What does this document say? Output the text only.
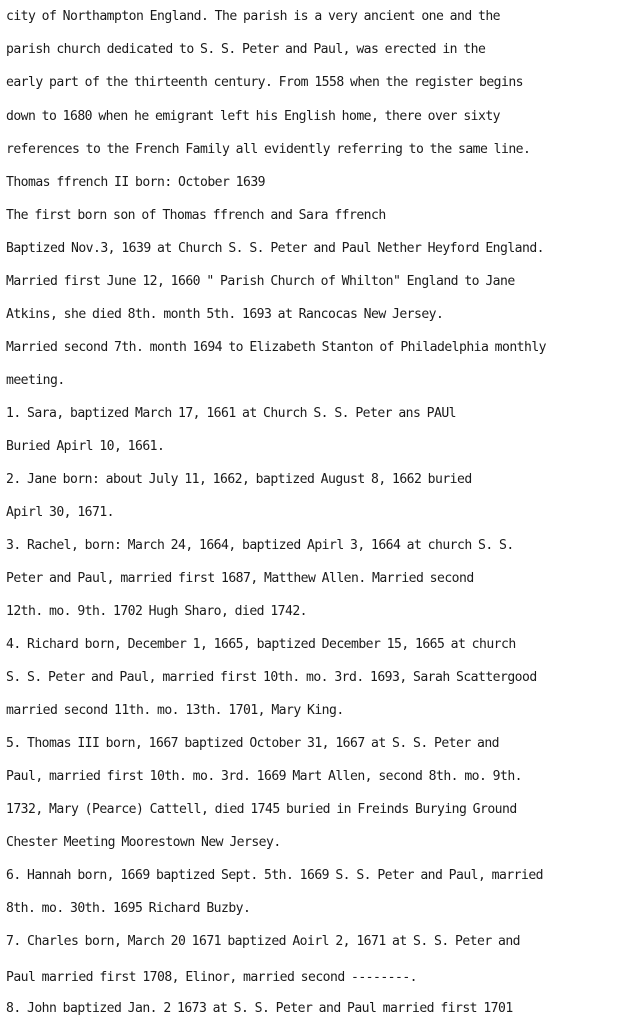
city of Northampton England. The parish is a very ancient one and the
parish church dedicated to S. S. Peter and Paul, was erected in the
early part of the thirteenth century. From 1558 when the register begins
down to 1680 when he emigrant left his English home, there over sixty
references to the French Family all evidently referring to the same line.
Thomas ffrench II born: October 1639
The first born son of Thomas ffrench and Sara ffrench
Baptized Nov.3, 1639 at Church S. S. Peter and Paul Nether Heyford England.
Married first June 12, 1660 " Parish Church of Whilton" England to Jane
Atkins, she died 8th. month 5th. 1693 at Rancocas New Jersey.
Married second 7th. month 1694 to Elizabeth Stanton of Philadelphia monthly
meeting.
1. Sara, baptized March 17, 1661 at Church S. S. Peter ans PAUl
Buried Apirl 10, 1661.
2. Jane born: about July 11, 1662, baptized August 8, 1662 buried
Apirl 30, 1671.
3. Rachel, born: March 24, 1664, baptized Apirl 3, 1664 at church S. S.
Peter and Paul, married first 1687, Matthew Allen. Married second
12th. mo. 9th. 1702 Hugh Sharo, died 1742.
4. Richard born, December 1, 1665, baptized December 15, 1665 at church
S. S. Peter and Paul, married first 10th. mo. 3rd. 1693, Sarah Scattergood
married second 11th. mo. 13th. 1701, Mary King.
5. Thomas III born, 1667 baptized October 31, 1667 at S. S. Peter and
Paul, married first 10th. mo. 3rd. 1669 Mart Allen, second 8th. mo. 9th.
1732, Mary (Pearce) Cattell, died 1745 buried in Freinds Burying Ground
Chester Meeting Moorestown New Jersey.
6. Hannah born, 1669 baptized Sept. 5th. 1669 S. S. Peter and Paul, married
8th. mo. 30th. 1695 Richard Buzby.
7. Charles born, March 20 1671 baptized Aoirl 2, 1671 at S. S. Peter and
Paul married first 1708, Elinor, married second --------.
8. John baptized Jan. 2 1673 at S. S. Peter and Paul married first 1701
